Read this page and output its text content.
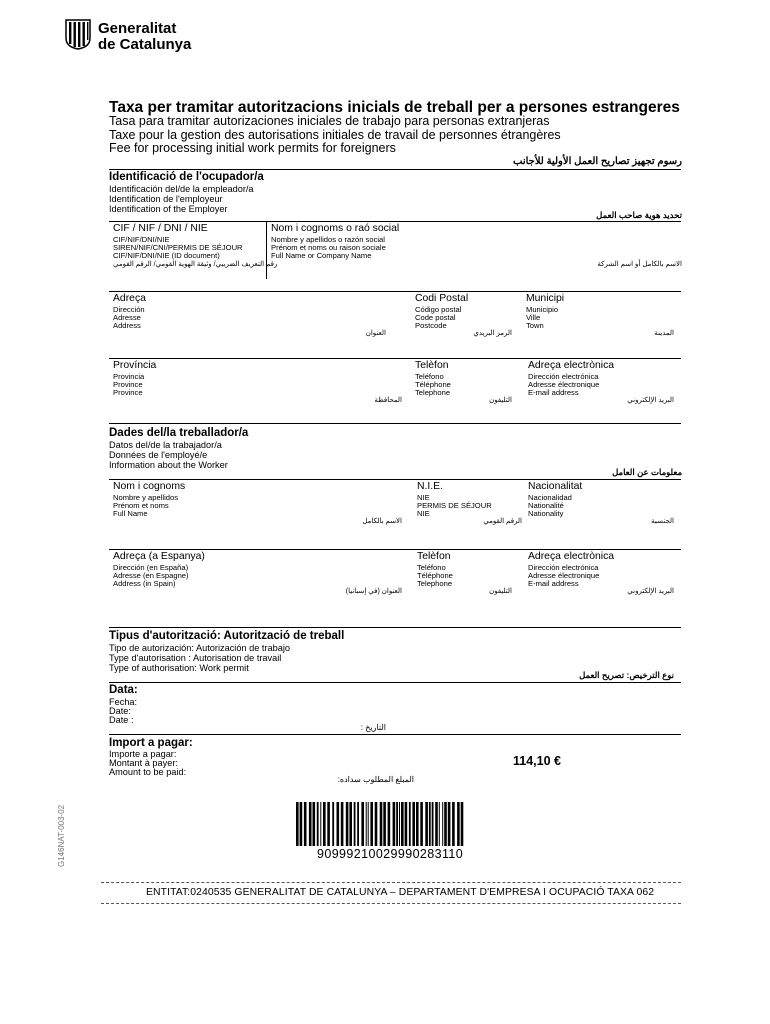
Generalitat
de Catalunya
Taxa per tramitar autoritzacions inicials de treball per a persones estrangeres
Tasa para tramitar autorizaciones iniciales de trabajo para personas extranjeras
Taxe pour la gestion des autorisations initiales de travail de personnes étrangères
Fee for processing initial work permits for foreigners
رسوم تجهيز تصاريح العمل الأولية للأجانب
Identificació de l'ocupador/a
Identificación del/de la empleador/a
Identification de l'employeur
Identification of the Employer
تحديد هوية صاحب العمل
CIF / NIF / DNI / NIE
CIF/NIF/DNI/NIE
SIREN/NIF/CNI/PERMIS DE SÉJOUR
CIF/NIF/DNI/NIE (ID document)
رقم التعريف الضريبي/ وثيقة الهوية القومي/ الرقم القومي
Nom i cognoms o raó social
Nombre y apellidos o razón social
Prénom et noms ou raison sociale
Full Name or Company Name
الاسم بالكامل أو اسم الشركة
Adreça
Dirección
Adresse
Address
العنوان
Codi Postal
Código postal
Code postal
Postcode
الرمز البريدي
Municipi
Municipio
Ville
Town
المدينة
Província
Provincia
Province
Province
المحافظة
Telèfon
Teléfono
Téléphone
Telephone
التليفون
Adreça electrònica
Dirección electrónica
Adresse électronique
E-mail address
البريد الإلكتروني
Dades del/la treballador/a
Datos del/de la trabajador/a
Données de l'employé/e
Information about the Worker
معلومات عن العامل
Nom i cognoms
Nombre y apellidos
Prénom et noms
Full Name
الاسم بالكامل
N.I.E.
NIE
PERMIS DE SÉJOUR
NIE
الرقم القومي
Nacionalitat
Nacionalidad
Nationalité
Nationality
الجنسية
Adreça (a Espanya)
Dirección (en España)
Adresse (en Espagne)
Address (in Spain)
العنوان (في إسبانيا)
Telèfon
Teléfono
Téléphone
Telephone
التليفون
Adreça electrònica
Dirección electrónica
Adresse électronique
E-mail address
البريد الإلكتروني
Tipus d'autorització: Autorització de treball
Tipo de autorización: Autorización de trabajo
Type d'autorisation : Autorisation de travail
Type of authorisation: Work permit
نوع الترخيص: تصريح العمل
Data:
Fecha:
Date:
Date :
التاريخ :
Import a pagar:
Importe a pagar:
Montant à payer:
Amount to be paid:
المبلغ المطلوب سداده:
114,10 €
90999210029990283110
ENTITAT:0240535 GENERALITAT DE CATALUNYA – DEPARTAMENT D'EMPRESA I OCUPACIÓ TAXA 062
G146NAT-003-02
